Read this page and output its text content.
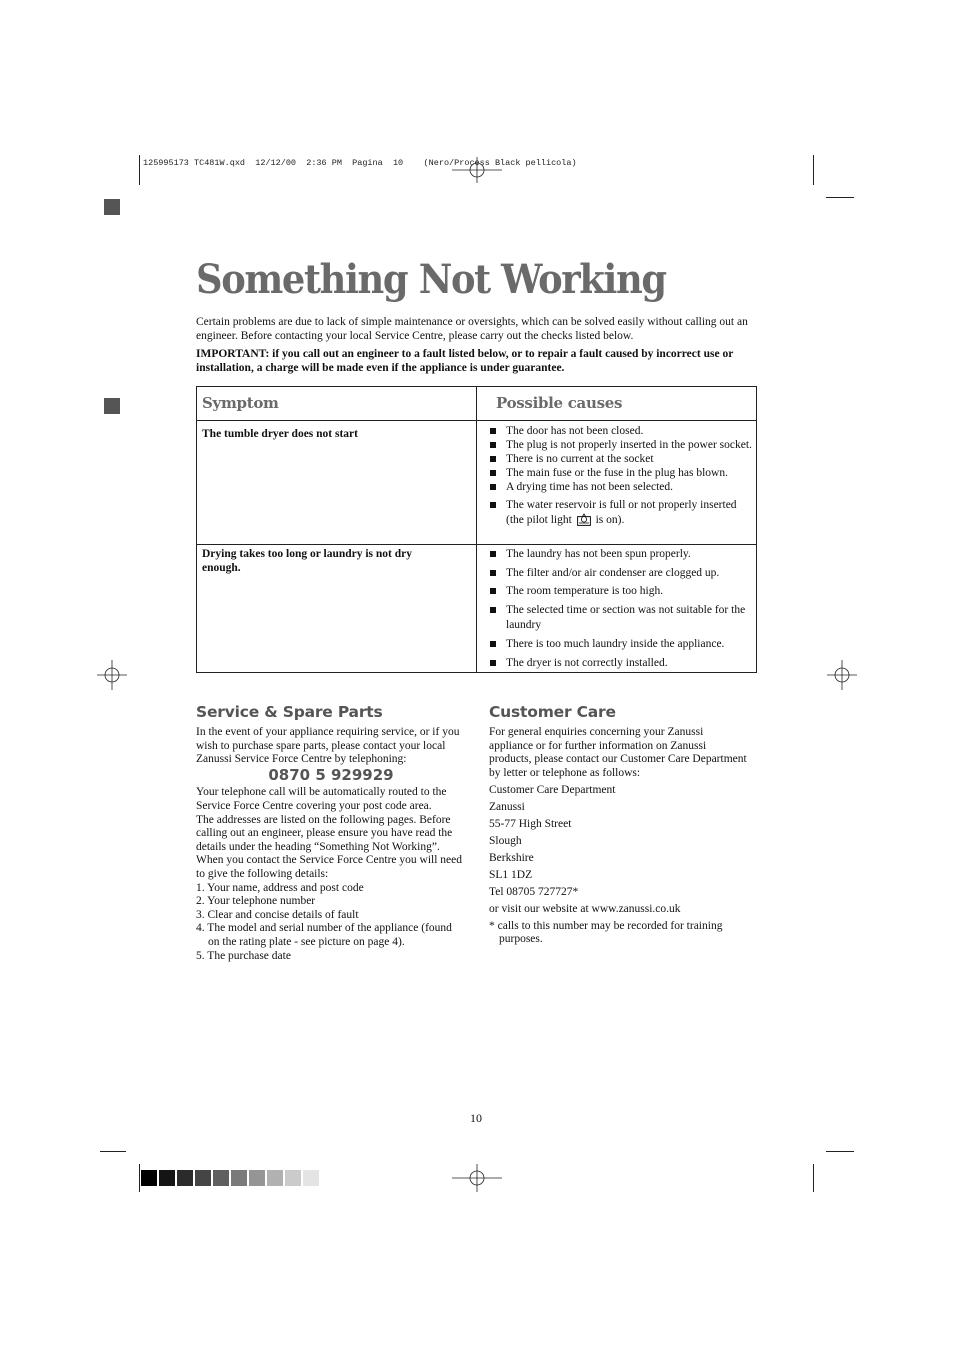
125995173 TC481W.qxd  12/12/00  2:36 PM  Pagina  10    (Nero/Process Black pellicola)
Something Not Working

Certain problems are due to lack of simple maintenance or oversights, which can be solved easily without calling out an engineer. Before contacting your local Service Centre, please carry out the checks listed below.

IMPORTANT: if you call out an engineer to a fault listed below, or to repair a fault caused by incorrect use or installation, a charge will be made even if the appliance is under guarantee.

Symptom	Possible causes
The tumble dryer does not start	The door has not been closed.
The plug is not properly inserted in the power socket.
There is no current at the socket
The main fuse or the fuse in the plug has blown.
A drying time has not been selected.
The water reservoir is full or not properly inserted (the pilot light is on).
Drying takes too long or laundry is not dry enough.
The laundry has not been spun properly.
The filter and/or air condenser are clogged up.
The room temperature is too high.
The selected time or section was not suitable for the laundry
There is too much laundry inside the appliance.
The dryer is not correctly installed.
Service & Spare Parts

In the event of your appliance requiring service, or if you wish to purchase spare parts, please contact your local Zanussi Service Force Centre by telephoning:

0870 5 929929

Your telephone call will be automatically routed to the Service Force Centre covering your post code area.

The addresses are listed on the following pages. Before calling out an engineer, please ensure you have read the details under the heading “Something Not Working”.

When you contact the Service Force Centre you will need to give the following details:

1. Your name, address and post code

2. Your telephone number

3. Clear and concise details of fault

4. The model and serial number of the appliance (found on the rating plate - see picture on page 4).

5. The purchase date

Customer Care

For general enquiries concerning your Zanussi appliance or for further information on Zanussi products, please contact our Customer Care Department by letter or telephone as follows:

Customer Care Department

Zanussi

55-77 High Street

Slough

Berkshire

SL1 1DZ

Tel 08705 727727*

or visit our website at www.zanussi.co.uk

* calls to this number may be recorded for training purposes.

10
